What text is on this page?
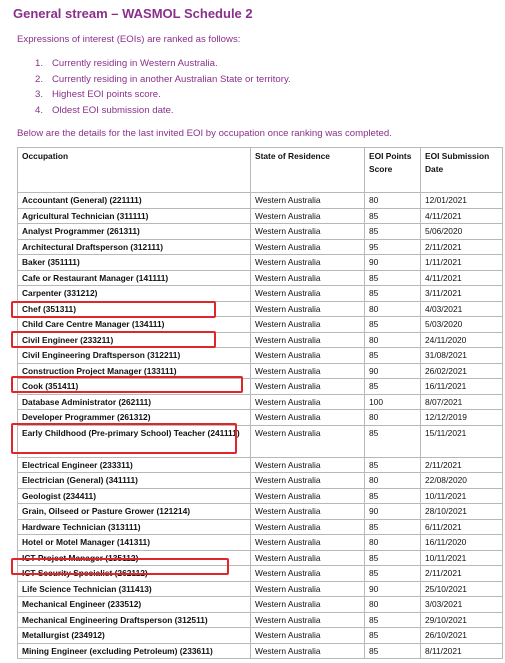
General stream – WASMOL Schedule 2
Expressions of interest (EOIs) are ranked as follows:
1. Currently residing in Western Australia.
2. Currently residing in another Australian State or territory.
3. Highest EOI points score.
4. Oldest EOI submission date.
Below are the details for the last invited EOI by occupation once ranking was completed.
Occupation	State of Residence	EOI Points Score	EOI Submission Date
Accountant (General) (221111)	Western Australia	80	12/01/2021
Agricultural Technician (311111)	Western Australia	85	4/11/2021
Analyst Programmer (261311)	Western Australia	85	5/06/2020
Architectural Draftsperson (312111)	Western Australia	95	2/11/2021
Baker (351111)	Western Australia	90	1/11/2021
Cafe or Restaurant Manager (141111)	Western Australia	85	4/11/2021
Carpenter (331212)	Western Australia	85	3/11/2021
Chef (351311)	Western Australia	80	4/03/2021
Child Care Centre Manager (134111)	Western Australia	85	5/03/2020
Civil Engineer (233211)	Western Australia	80	24/11/2020
Civil Engineering Draftsperson (312211)	Western Australia	85	31/08/2021
Construction Project Manager (133111)	Western Australia	90	26/02/2021
Cook (351411)	Western Australia	85	16/11/2021
Database Administrator (262111)	Western Australia	100	8/07/2021
Developer Programmer (261312)	Western Australia	80	12/12/2019
Early Childhood (Pre-primary School) Teacher (241111)	Western Australia	85	15/11/2021
Electrical Engineer (233311)	Western Australia	85	2/11/2021
Electrician (General) (341111)	Western Australia	80	22/08/2020
Geologist (234411)	Western Australia	85	10/11/2021
Grain, Oilseed or Pasture Grower (121214)	Western Australia	90	28/10/2021
Hardware Technician (313111)	Western Australia	85	6/11/2021
Hotel or Motel Manager (141311)	Western Australia	80	16/11/2020
ICT Project Manager (135112)	Western Australia	85	10/11/2021
ICT Security Specialist (262112)	Western Australia	85	2/11/2021
Life Science Technician (311413)	Western Australia	90	25/10/2021
Mechanical Engineer (233512)	Western Australia	80	3/03/2021
Mechanical Engineering Draftsperson (312511)	Western Australia	85	29/10/2021
Metallurgist (234912)	Western Australia	85	26/10/2021
Mining Engineer (excluding Petroleum) (233611)	Western Australia	85	8/11/2021
